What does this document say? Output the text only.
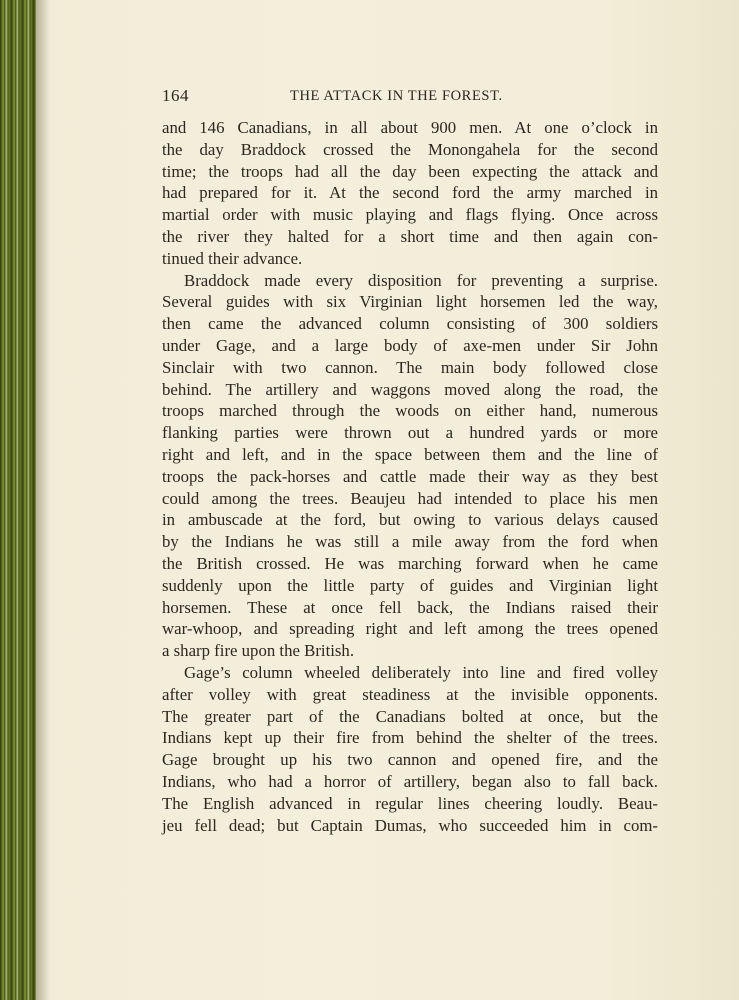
164	THE ATTACK IN THE FOREST.
and 146 Canadians, in all about 900 men. At one o’clock in
the day Braddock crossed the Monongahela for the second
time; the troops had all the day been expecting the attack and
had prepared for it. At the second ford the army marched in
martial order with music playing and flags flying. Once across
the river they halted for a short time and then again con-
tinued their advance.
Braddock made every disposition for preventing a surprise.
Several guides with six Virginian light horsemen led the way,
then came the advanced column consisting of 300 soldiers
under Gage, and a large body of axe-men under Sir John
Sinclair with two cannon. The main body followed close
behind. The artillery and waggons moved along the road, the
troops marched through the woods on either hand, numerous
flanking parties were thrown out a hundred yards or more
right and left, and in the space between them and the line of
troops the pack-horses and cattle made their way as they best
could among the trees. Beaujeu had intended to place his men
in ambuscade at the ford, but owing to various delays caused
by the Indians he was still a mile away from the ford when
the British crossed. He was marching forward when he came
suddenly upon the little party of guides and Virginian light
horsemen. These at once fell back, the Indians raised their
war-whoop, and spreading right and left among the trees opened
a sharp fire upon the British.
Gage’s column wheeled deliberately into line and fired volley
after volley with great steadiness at the invisible opponents.
The greater part of the Canadians bolted at once, but the
Indians kept up their fire from behind the shelter of the trees.
Gage brought up his two cannon and opened fire, and the
Indians, who had a horror of artillery, began also to fall back.
The English advanced in regular lines cheering loudly. Beau-
jeu fell dead; but Captain Dumas, who succeeded him in com-
